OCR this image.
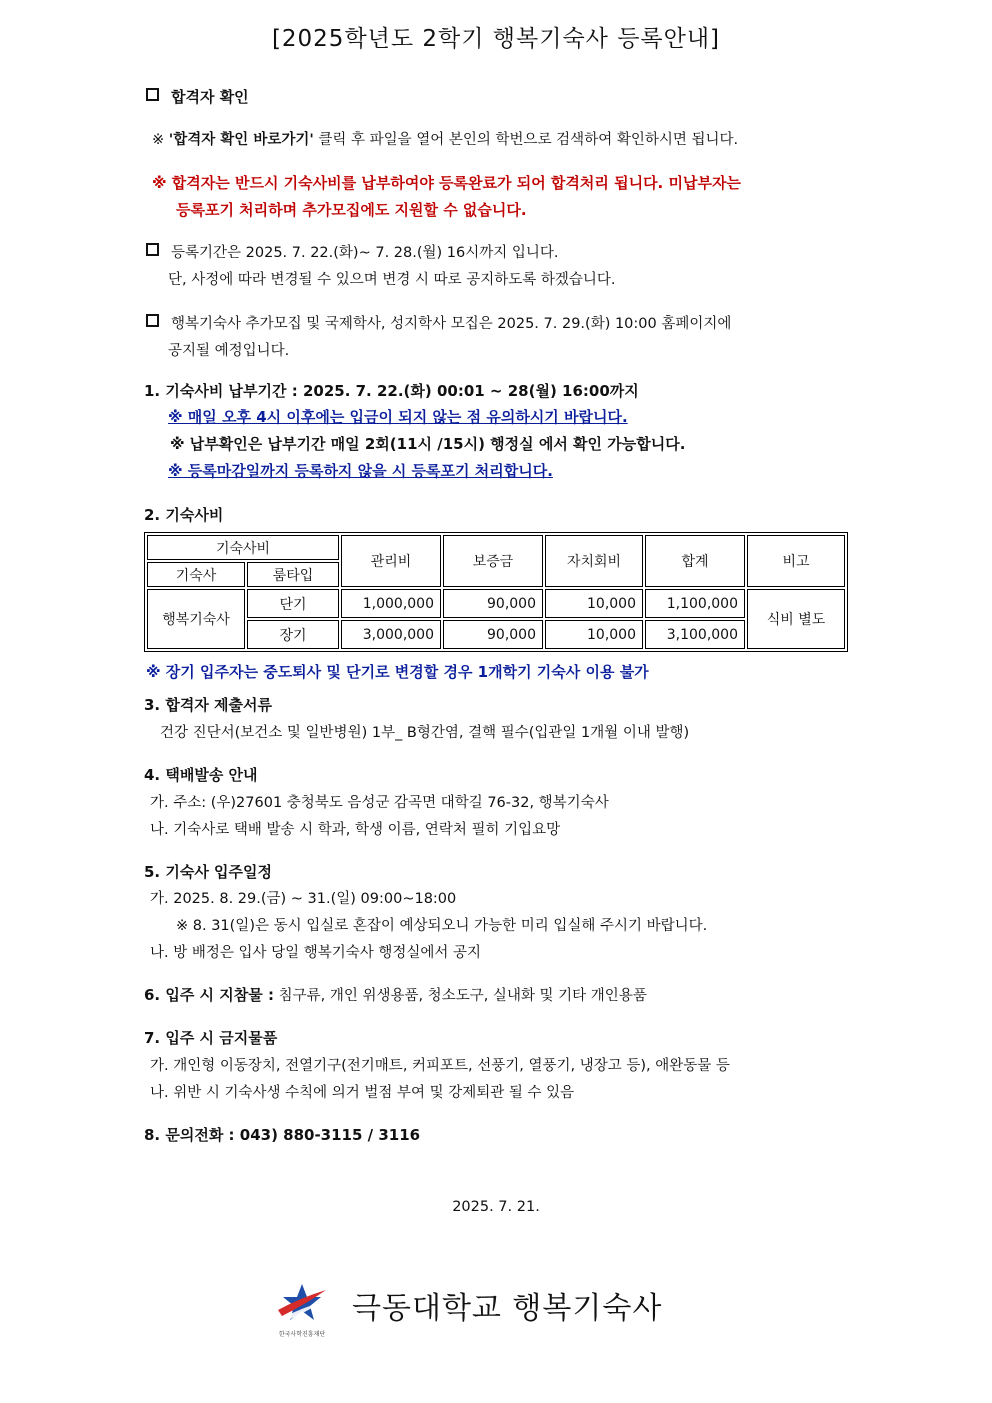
[2025학년도 2학기 행복기숙사 등록안내]
합격자 확인
※ '합격자 확인 바로가기' 클릭 후 파일을 열어 본인의 학번으로 검색하여 확인하시면 됩니다.
※ 합격자는 반드시 기숙사비를 납부하여야 등록완료가 되어 합격처리 됩니다. 미납부자는
등록포기 처리하며 추가모집에도 지원할 수 없습니다.
등록기간은 2025. 7. 22.(화)~ 7. 28.(월) 16시까지 입니다.
단, 사정에 따라 변경될 수 있으며 변경 시 따로 공지하도록 하겠습니다.
행복기숙사 추가모집 및 국제학사, 성지학사 모집은 2025. 7. 29.(화) 10:00 홈페이지에
공지될 예정입니다.
1. 기숙사비 납부기간 : 2025. 7. 22.(화) 00:01 ~ 28(월) 16:00까지
※ 매일 오후 4시 이후에는 입금이 되지 않는 점 유의하시기 바랍니다.
※ 납부확인은 납부기간 매일 2회(11시 /15시) 행정실 에서 확인 가능합니다.
※ 등록마감일까지 등록하지 않을 시 등록포기 처리합니다.
2. 기숙사비
기숙사비		관리비	보증금	자치회비	합계	비고
기숙사	룸타입					
행복기숙사	단기	1,000,000	90,000	10,000	1,100,000	식비 별도
	장기	3,000,000	90,000	10,000	3,100,000	
※ 장기 입주자는 중도퇴사 및 단기로 변경할 경우 1개학기 기숙사 이용 불가
3. 합격자 제출서류
건강 진단서(보건소 및 일반병원) 1부_ B형간염, 결핵 필수(입관일 1개월 이내 발행)
4. 택배발송 안내
가. 주소: (우)27601 충청북도 음성군 감곡면 대학길 76-32, 행복기숙사
나. 기숙사로 택배 발송 시 학과, 학생 이름, 연락처 필히 기입요망
5. 기숙사 입주일정
가. 2025. 8. 29.(금) ~ 31.(일) 09:00~18:00
※ 8. 31(일)은 동시 입실로 혼잡이 예상되오니 가능한 미리 입실해 주시기 바랍니다.
나. 방 배정은 입사 당일 행복기숙사 행정실에서 공지
6. 입주 시 지참물 : 침구류, 개인 위생용품, 청소도구, 실내화 및 기타 개인용품
7. 입주 시 금지물품
가. 개인형 이동장치, 전열기구(전기매트, 커피포트, 선풍기, 열풍기, 냉장고 등), 애완동물 등
나. 위반 시 기숙사생 수칙에 의거 벌점 부여 및 강제퇴관 될 수 있음
8. 문의전화 : 043) 880-3115 / 3116
2025. 7. 21.
한국사학진흥재단
극동대학교 행복기숙사
